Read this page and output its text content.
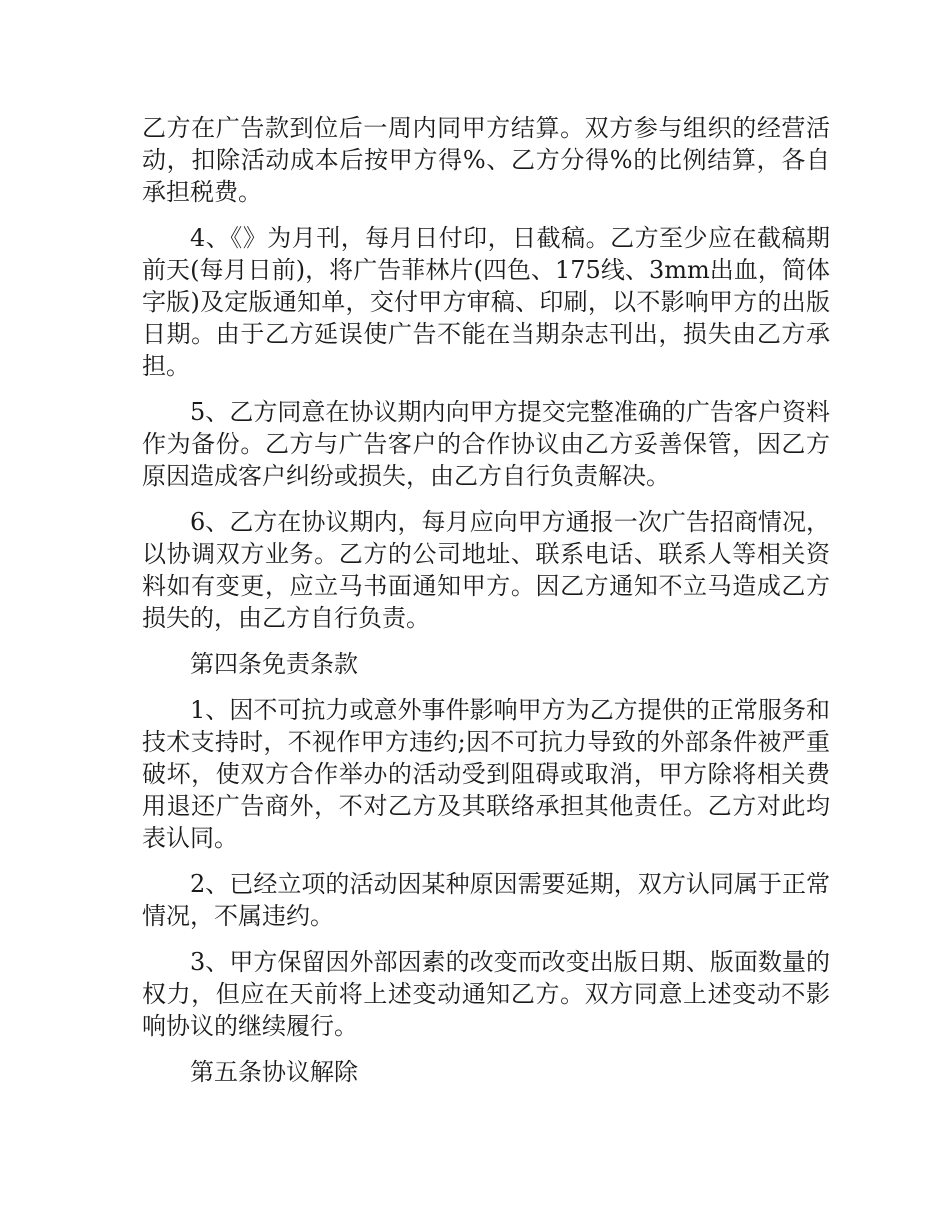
乙方在广告款到位后一周内同甲方结算。双方参与组织的经营活动，扣除活动成本后按甲方得%、乙方分得%的比例结算，各自承担税费。

4、《》为月刊，每月日付印，日截稿。乙方至少应在截稿期前天(每月日前)，将广告菲林片(四色、175线、3mm出血，简体字版)及定版通知单，交付甲方审稿、印刷，以不影响甲方的出版日期。由于乙方延误使广告不能在当期杂志刊出，损失由乙方承担。

5、乙方同意在协议期内向甲方提交完整准确的广告客户资料作为备份。乙方与广告客户的合作协议由乙方妥善保管，因乙方原因造成客户纠纷或损失，由乙方自行负责解决。

6、乙方在协议期内，每月应向甲方通报一次广告招商情况，以协调双方业务。乙方的公司地址、联系电话、联系人等相关资料如有变更，应立马书面通知甲方。因乙方通知不立马造成乙方损失的，由乙方自行负责。

第四条免责条款

1、因不可抗力或意外事件影响甲方为乙方提供的正常服务和技术支持时，不视作甲方违约;因不可抗力导致的外部条件被严重破坏，使双方合作举办的活动受到阻碍或取消，甲方除将相关费用退还广告商外，不对乙方及其联络承担其他责任。乙方对此均表认同。

2、已经立项的活动因某种原因需要延期，双方认同属于正常情况，不属违约。

3、甲方保留因外部因素的改变而改变出版日期、版面数量的权力，但应在天前将上述变动通知乙方。双方同意上述变动不影响协议的继续履行。

第五条协议解除
